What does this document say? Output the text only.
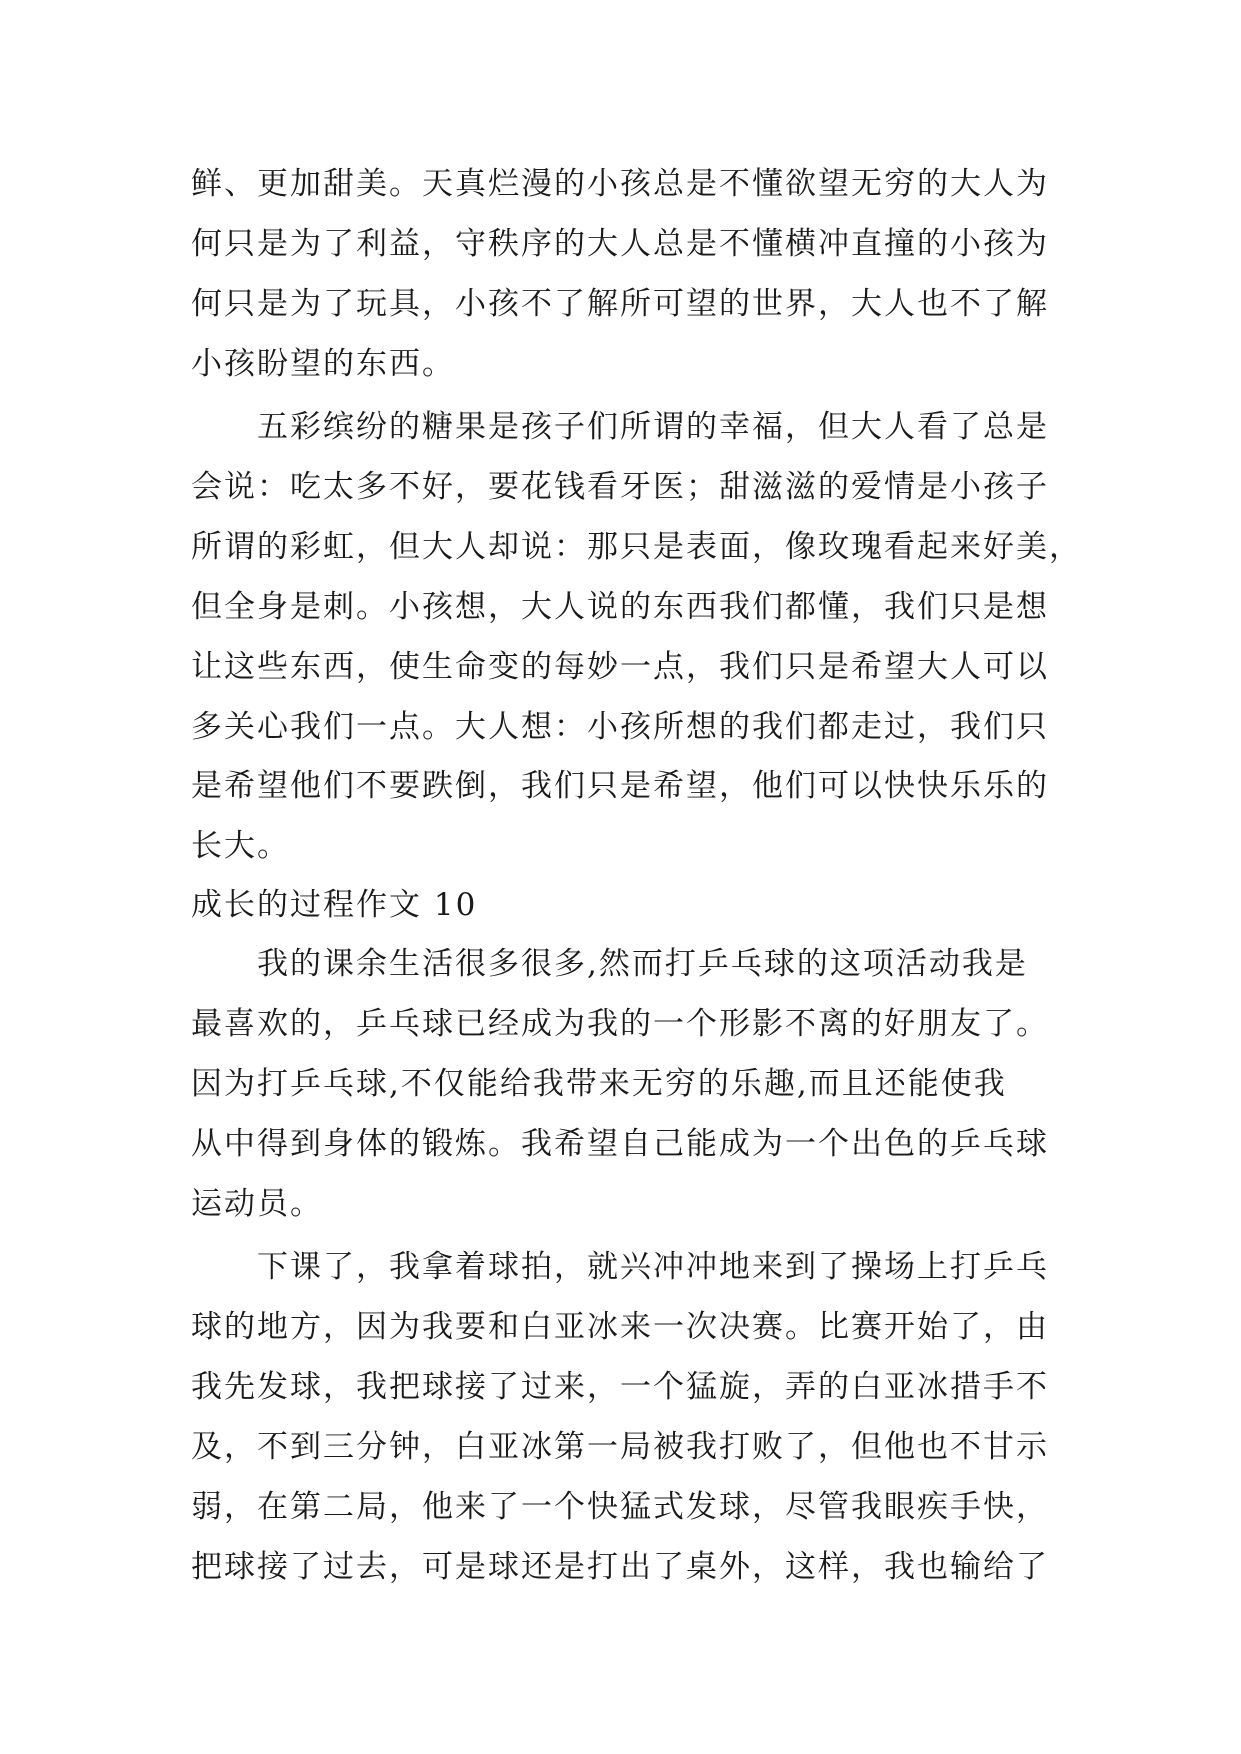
鲜、更加甜美。天真烂漫的小孩总是不懂欲望无穷的大人为
何只是为了利益，守秩序的大人总是不懂横冲直撞的小孩为
何只是为了玩具，小孩不了解所可望的世界，大人也不了解
小孩盼望的东西。
五彩缤纷的糖果是孩子们所谓的幸福，但大人看了总是
会说：吃太多不好，要花钱看牙医；甜滋滋的爱情是小孩子
所谓的彩虹，但大人却说：那只是表面，像玫瑰看起来好美，
但全身是刺。小孩想，大人说的东西我们都懂，我们只是想
让这些东西，使生命变的每妙一点，我们只是希望大人可以
多关心我们一点。大人想：小孩所想的我们都走过，我们只
是希望他们不要跌倒，我们只是希望，他们可以快快乐乐的
长大。
成长的过程作文 10
我的课余生活很多很多,然而打乒乓球的这项活动我是
最喜欢的，乒乓球已经成为我的一个形影不离的好朋友了。
因为打乒乓球,不仅能给我带来无穷的乐趣,而且还能使我
从中得到身体的锻炼。我希望自己能成为一个出色的乒乓球
运动员。
下课了，我拿着球拍，就兴冲冲地来到了操场上打乒乓
球的地方，因为我要和白亚冰来一次决赛。比赛开始了，由
我先发球，我把球接了过来，一个猛旋，弄的白亚冰措手不
及，不到三分钟，白亚冰第一局被我打败了，但他也不甘示
弱，在第二局，他来了一个快猛式发球，尽管我眼疾手快，
把球接了过去，可是球还是打出了桌外，这样，我也输给了
